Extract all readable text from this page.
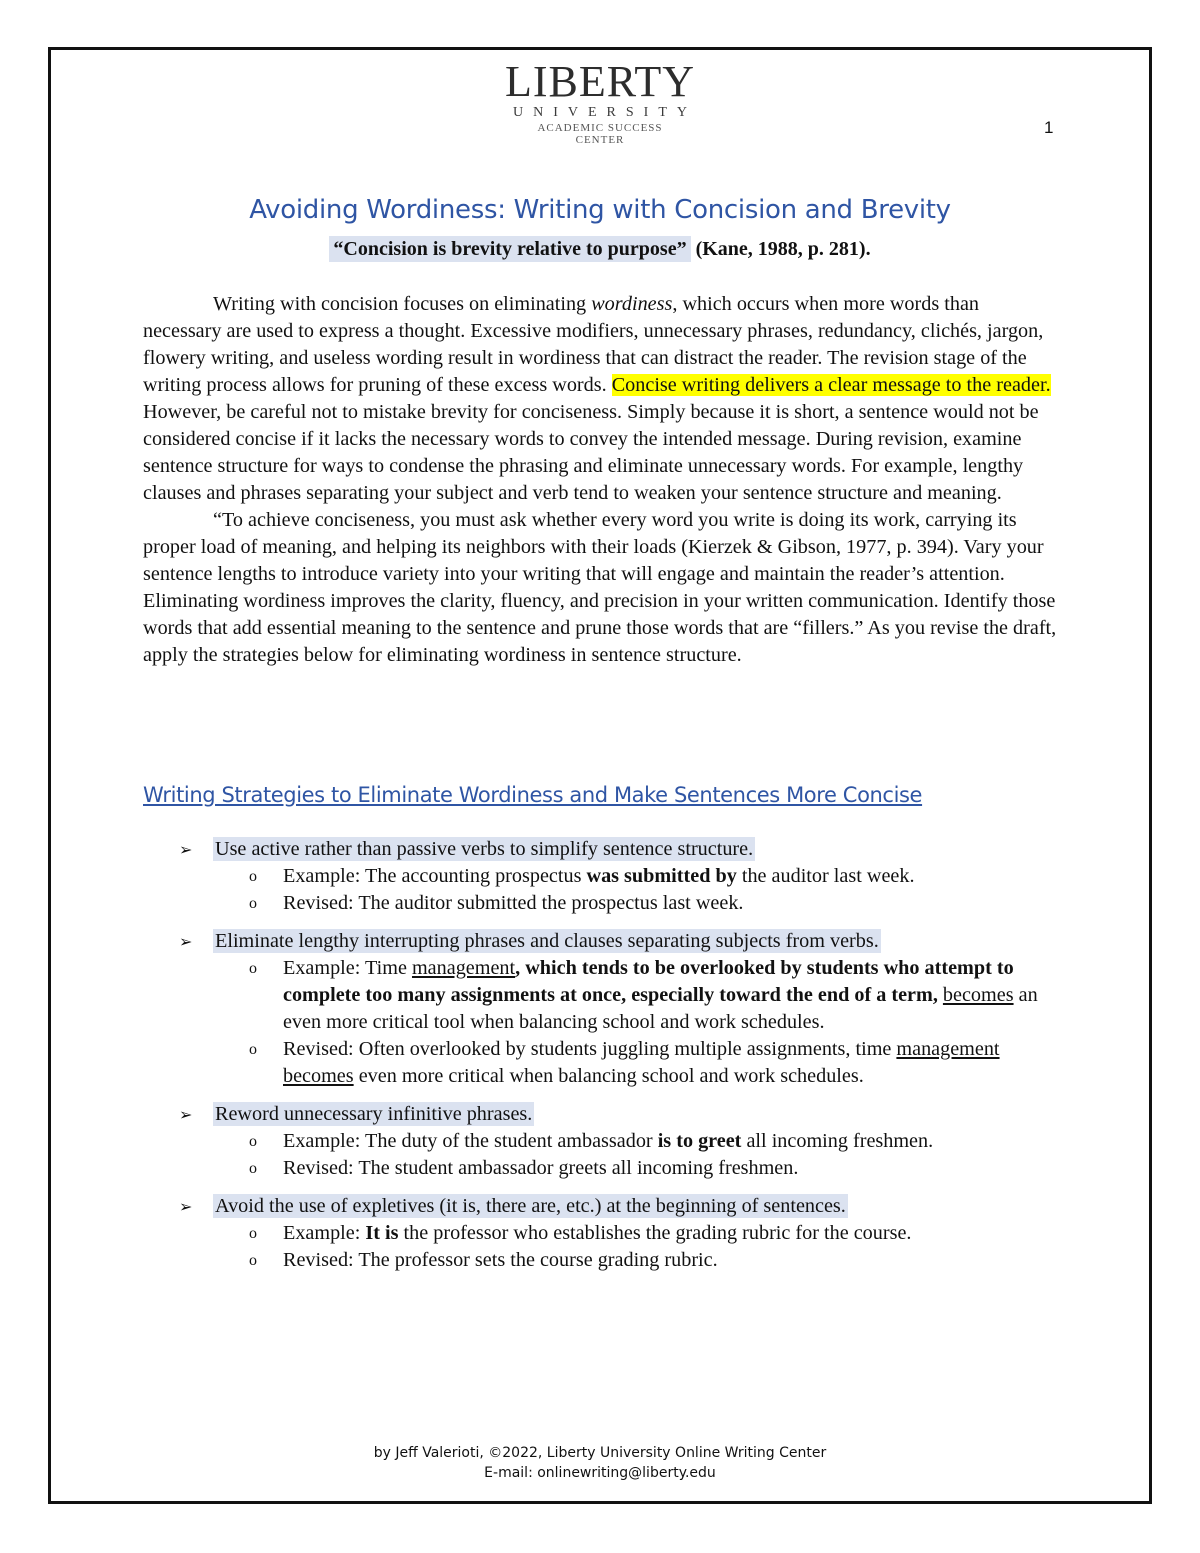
LIBERTY
UNIVERSITY
ACADEMIC SUCCESS
CENTER
1
Avoiding Wordiness: Writing with Concision and Brevity
“Concision is brevity relative to purpose” (Kane, 1988, p. 281).

Writing with concision focuses on eliminating wordiness, which occurs when more words than necessary are used to express a thought. Excessive modifiers, unnecessary phrases, redundancy, clichés, jargon, flowery writing, and useless wording result in wordiness that can distract the reader. The revision stage of the writing process allows for pruning of these excess words. Concise writing delivers a clear message to the reader. However, be careful not to mistake brevity for conciseness. Simply because it is short, a sentence would not be considered concise if it lacks the necessary words to convey the intended message. During revision, examine sentence structure for ways to condense the phrasing and eliminate unnecessary words. For example, lengthy clauses and phrases separating your subject and verb tend to weaken your sentence structure and meaning.

“To achieve conciseness, you must ask whether every word you write is doing its work, carrying its proper load of meaning, and helping its neighbors with their loads (Kierzek & Gibson, 1977, p. 394). Vary your sentence lengths to introduce variety into your writing that will engage and maintain the reader’s attention. Eliminating wordiness improves the clarity, fluency, and precision in your written communication. Identify those words that add essential meaning to the sentence and prune those words that are “fillers.” As you revise the draft, apply the strategies below for eliminating wordiness in sentence structure.

Writing Strategies to Eliminate Wordiness and Make Sentences More Concise
➢ Use active rather than passive verbs to simplify sentence structure.
o Example: The accounting prospectus was submitted by the auditor last week.
o Revised: The auditor submitted the prospectus last week.
➢ Eliminate lengthy interrupting phrases and clauses separating subjects from verbs.
o Example: Time management, which tends to be overlooked by students who attempt to complete too many assignments at once, especially toward the end of a term, becomes an even more critical tool when balancing school and work schedules.
o Revised: Often overlooked by students juggling multiple assignments, time management becomes even more critical when balancing school and work schedules.
➢ Reword unnecessary infinitive phrases.
o Example: The duty of the student ambassador is to greet all incoming freshmen.
o Revised: The student ambassador greets all incoming freshmen.
➢ Avoid the use of expletives (it is, there are, etc.) at the beginning of sentences.
o Example: It is the professor who establishes the grading rubric for the course.
o Revised: The professor sets the course grading rubric.
by Jeff Valerioti, ©2022, Liberty University Online Writing Center
E-mail: onlinewriting@liberty.edu
